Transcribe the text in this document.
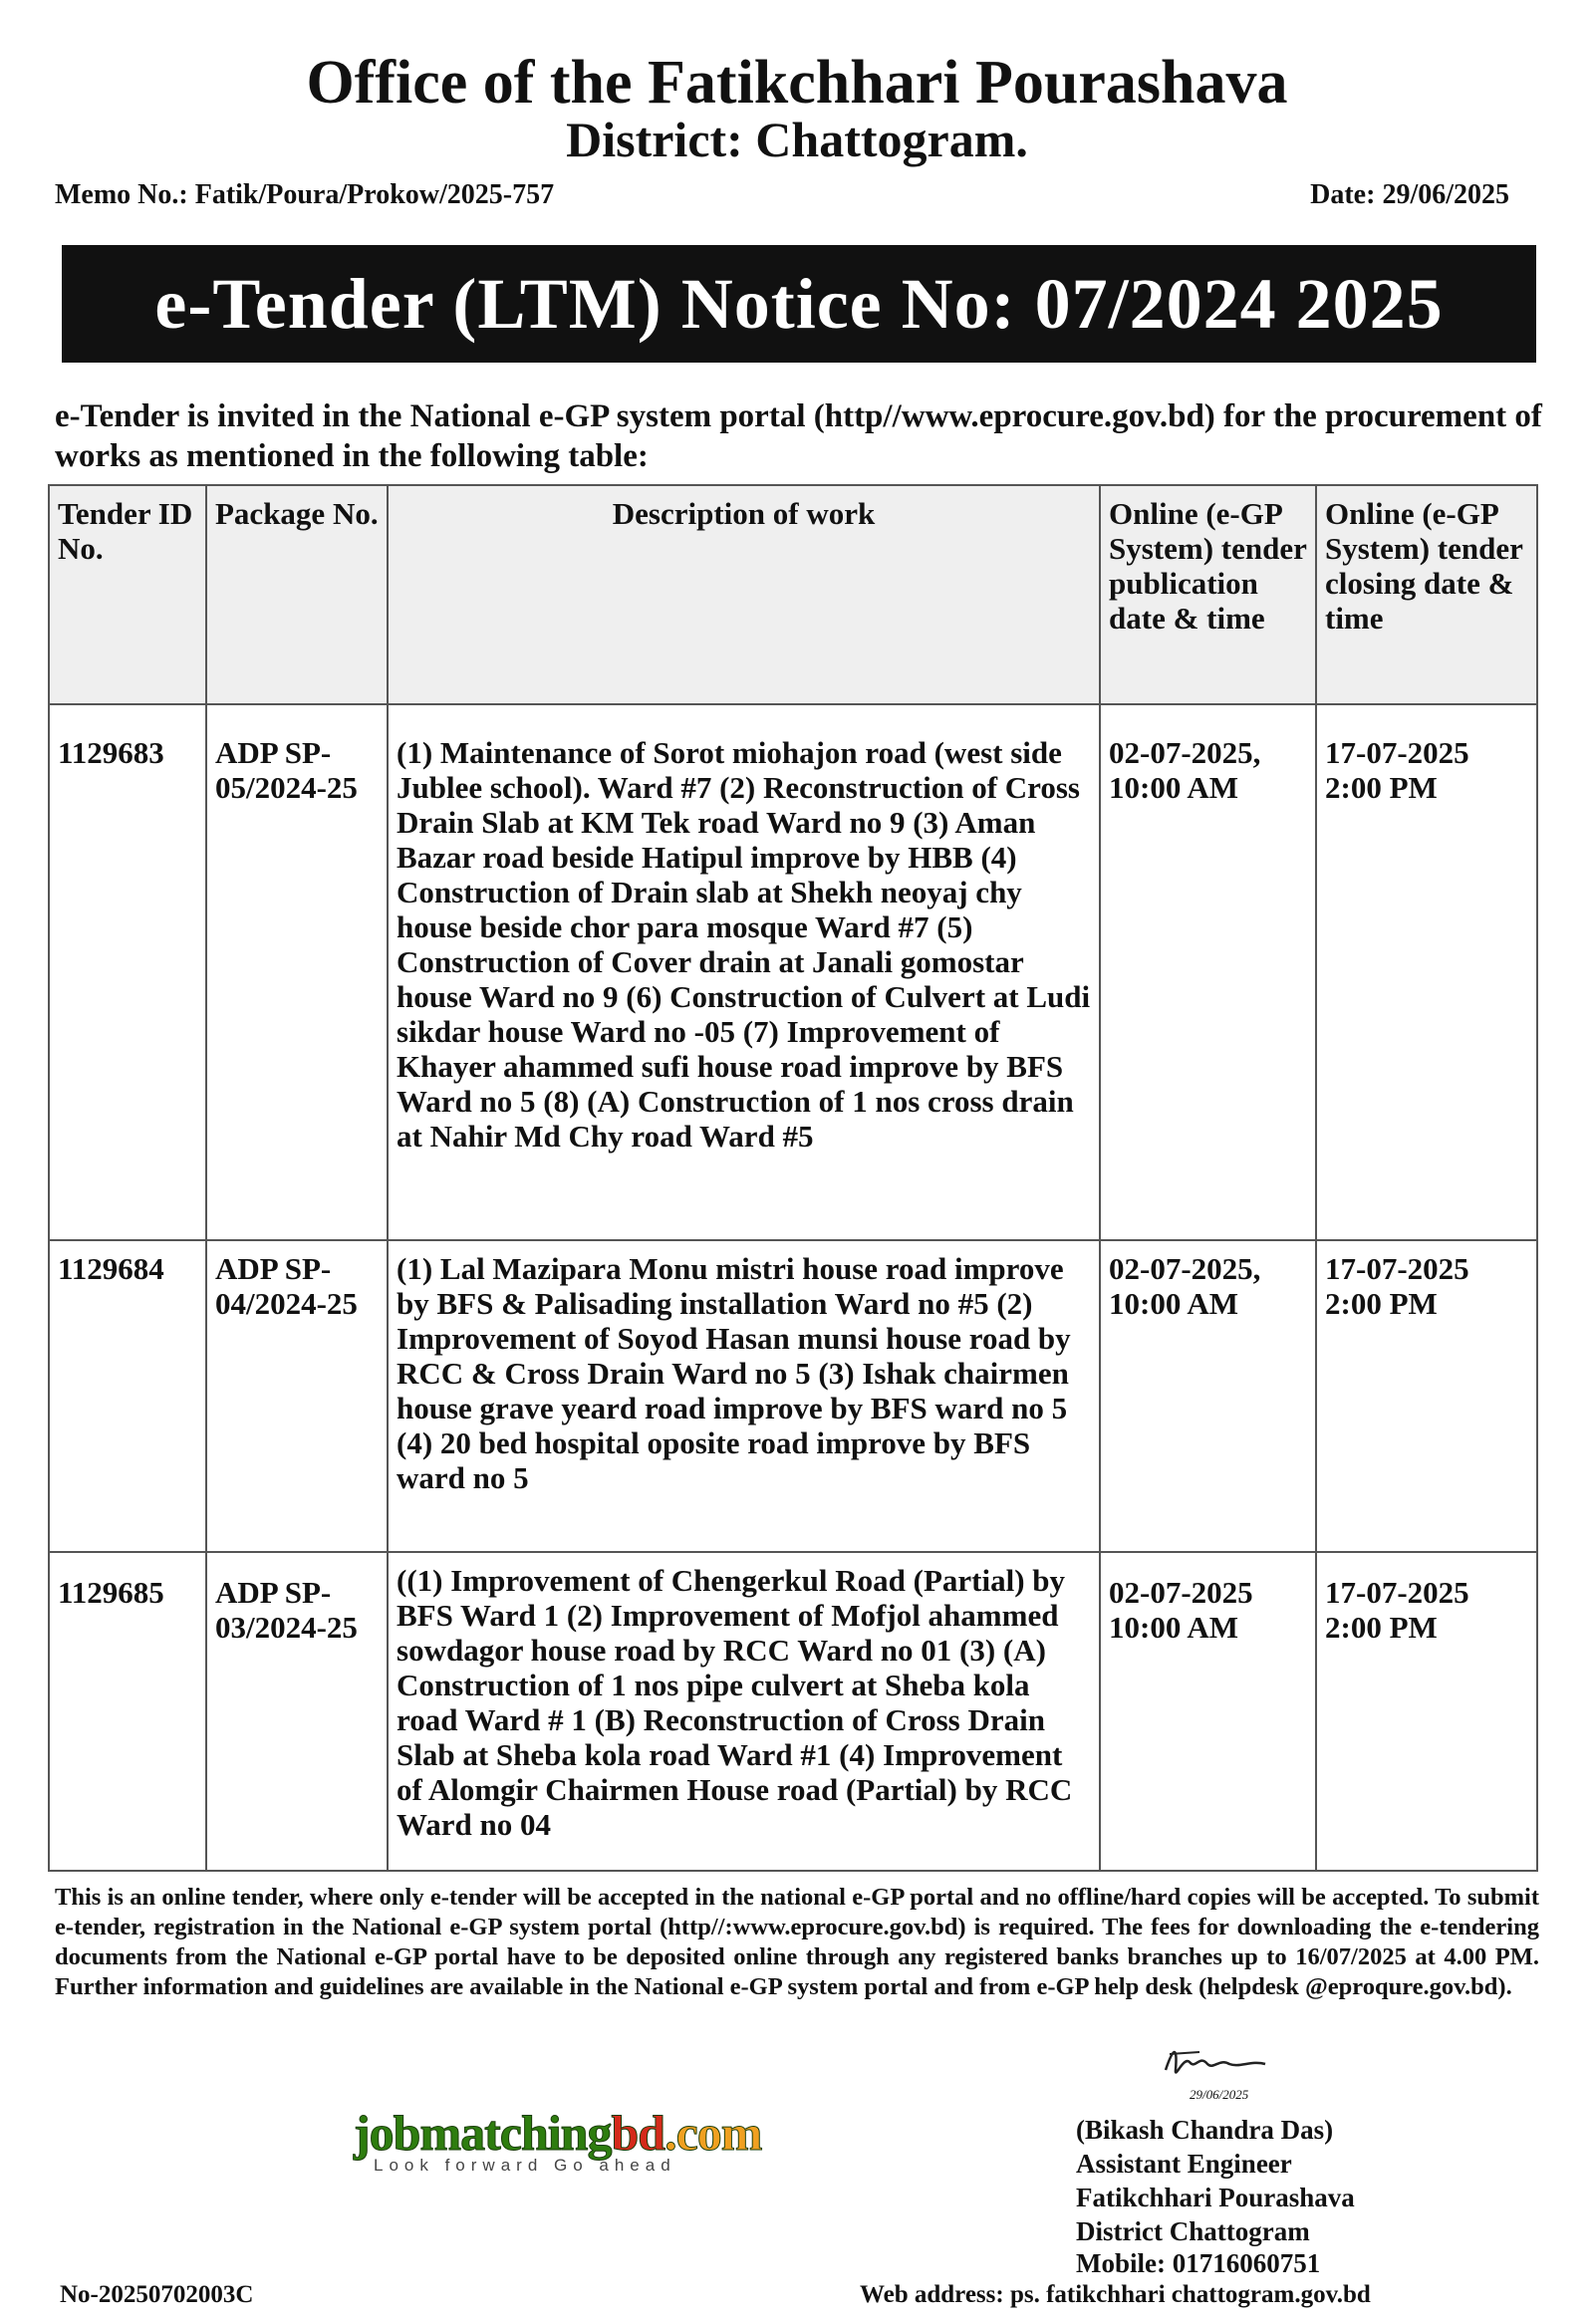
Office of the Fatikchhari Pourashava
District: Chattogram.
Memo No.: Fatik/Poura/Prokow/2025-757	Date: 29/06/2025
e-Tender (LTM) Notice No: 07/2024 2025
e-Tender is invited in the National e-GP system portal (http//www.eprocure.gov.bd) for the procurement of works as mentioned in the following table:
Tender ID No.	Package No.	Description of work	Online (e-GP System) tender publication date & time	Online (e-GP System) tender closing date & time
1129683	ADP SP-05/2024-25	(1) Maintenance of Sorot miohajon road (west side Jublee school). Ward #7 (2) Reconstruction of Cross Drain Slab at KM Tek road Ward no 9 (3) Aman Bazar road beside Hatipul improve by HBB (4) Construction of Drain slab at Shekh neoyaj chy house beside chor para mosque Ward #7 (5) Construction of Cover drain at Janali gomostar house Ward no 9 (6) Construction of Culvert at Ludi sikdar house Ward no -05 (7) Improvement of Khayer ahammed sufi house road improve by BFS Ward no 5 (8) (A) Construction of 1 nos cross drain at Nahir Md Chy road Ward #5	02-07-2025, 10:00 AM	17-07-2025 2:00 PM
1129684	ADP SP-04/2024-25	(1) Lal Mazipara Monu mistri house road improve by BFS & Palisading installation Ward no #5 (2) Improvement of Soyod Hasan munsi house road by RCC & Cross Drain Ward no 5 (3) Ishak chairmen house grave yeard road improve by BFS ward no 5 (4) 20 bed hospital oposite road improve by BFS ward no 5	02-07-2025, 10:00 AM	17-07-2025 2:00 PM
1129685	ADP SP-03/2024-25	((1) Improvement of Chengerkul Road (Partial) by BFS Ward 1 (2) Improvement of Mofjol ahammed sowdagor house road by RCC Ward no 01 (3) (A) Construction of 1 nos pipe culvert at Sheba kola road Ward # 1 (B) Reconstruction of Cross Drain Slab at Sheba kola road Ward #1 (4) Improvement of Alomgir Chairmen House road (Partial) by RCC Ward no 04	02-07-2025 10:00 AM	17-07-2025 2:00 PM
This is an online tender, where only e-tender will be accepted in the national e-GP portal and no offline/hard copies will be accepted. To submit e-tender, registration in the National e-GP system portal (http//:www.eprocure.gov.bd) is required. The fees for downloading the e-tendering documents from the National e-GP portal have to be deposited online through any registered banks branches up to 16/07/2025 at 4.00 PM. Further information and guidelines are available in the National e-GP system portal and from e-GP help desk (helpdesk @eproqure.gov.bd).
29/06/2025
(Bikash Chandra Das)
Assistant Engineer
Fatikchhari Pourashava
District Chattogram
Mobile: 01716060751
jobmatchingbd.com
Look forward Go ahead
No-20250702003C	Web address: ps. fatikchhari chattogram.gov.bd
